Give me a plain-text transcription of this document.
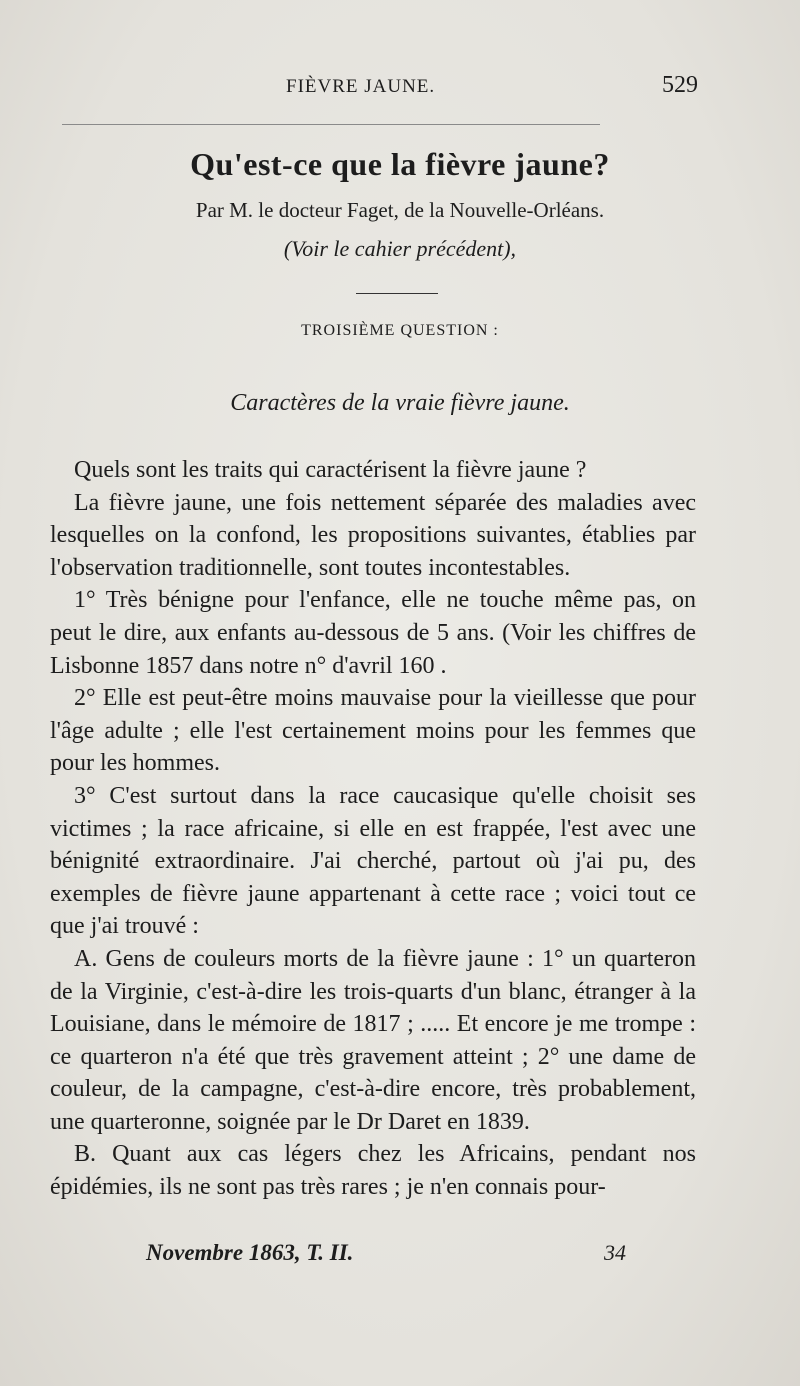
FIÈVRE JAUNE.	529
Qu'est-ce que la fièvre jaune?
Par M. le docteur Faget, de la Nouvelle-Orléans.
(Voir le cahier précédent),
TROISIÈME QUESTION :
Caractères de la vraie fièvre jaune.

Quels sont les traits qui caractérisent la fièvre jaune ?

La fièvre jaune, une fois nettement séparée des maladies avec lesquelles on la confond, les propositions suivantes, établies par l'observation traditionnelle, sont toutes incontestables.

1° Très bénigne pour l'enfance, elle ne touche même pas, on peut le dire, aux enfants au-dessous de 5 ans. (Voir les chiffres de Lisbonne 1857 dans notre n° d'avril 160 .

2° Elle est peut-être moins mauvaise pour la vieillesse que pour l'âge adulte ; elle l'est certainement moins pour les femmes que pour les hommes.

3° C'est surtout dans la race caucasique qu'elle choisit ses victimes ; la race africaine, si elle en est frappée, l'est avec une bénignité extraordinaire. J'ai cherché, partout où j'ai pu, des exemples de fièvre jaune appartenant à cette race ; voici tout ce que j'ai trouvé :

A. Gens de couleurs morts de la fièvre jaune : 1° un quarteron de la Virginie, c'est-à-dire les trois-quarts d'un blanc, étranger à la Louisiane, dans le mémoire de 1817 ; ..... Et encore je me trompe : ce quarteron n'a été que très gravement atteint ; 2° une dame de couleur, de la campagne, c'est-à-dire encore, très probablement, une quarteronne, soignée par le Dr Daret en 1839.

B. Quant aux cas légers chez les Africains, pendant nos épidémies, ils ne sont pas très rares ; je n'en connais pour-

Novembre 1863, T. II.	34
